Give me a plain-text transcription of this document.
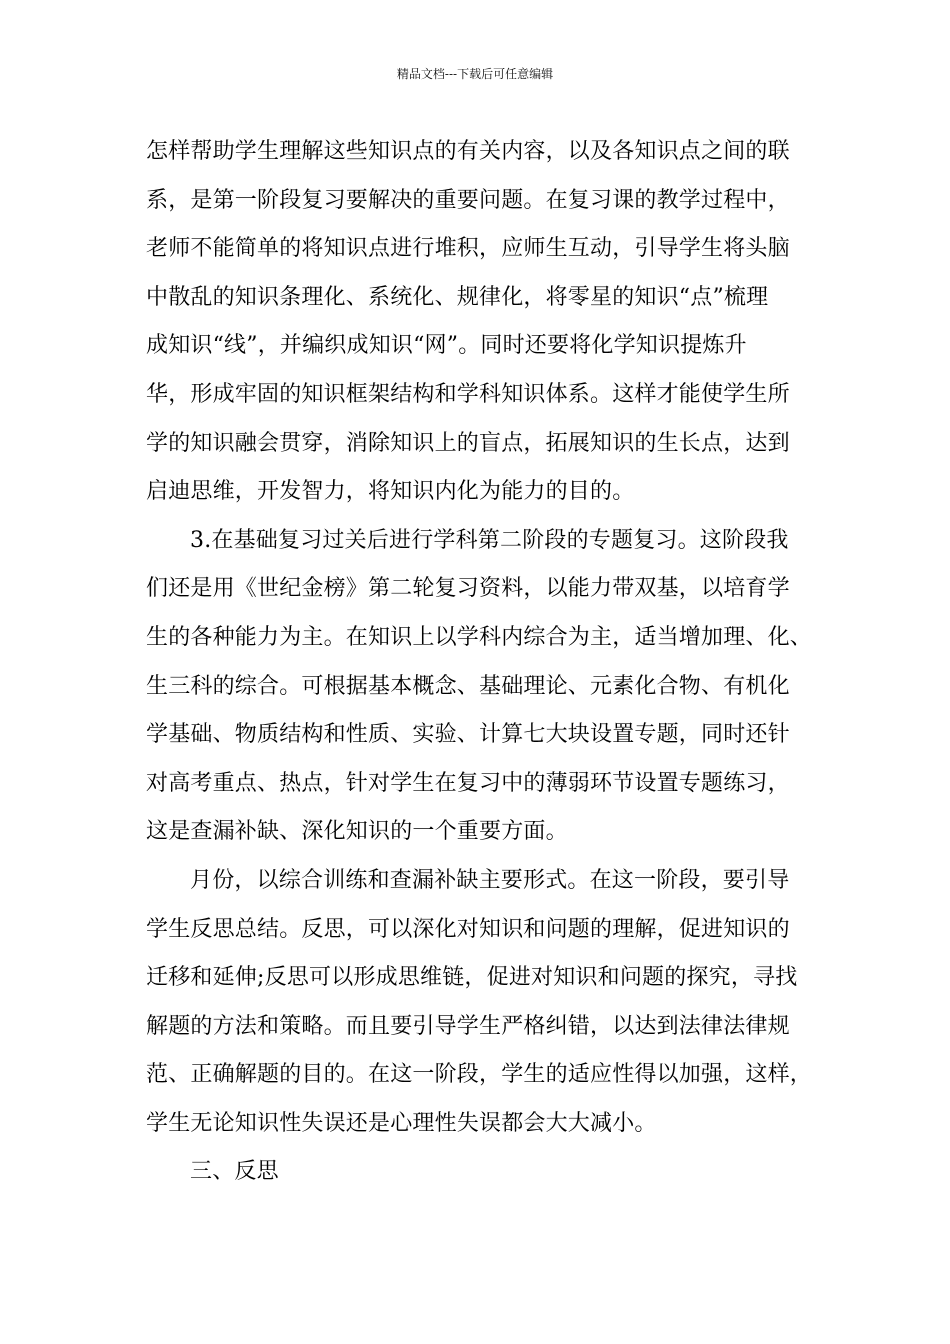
精品文档---下载后可任意编辑
怎样帮助学生理解这些知识点的有关内容，以及各知识点之间的联
系，是第一阶段复习要解决的重要问题。在复习课的教学过程中，
老师不能简单的将知识点进行堆积，应师生互动，引导学生将头脑
中散乱的知识条理化、系统化、规律化，将零星的知识“点”梳理
成知识“线”，并编织成知识“网”。同时还要将化学知识提炼升
华，形成牢固的知识框架结构和学科知识体系。这样才能使学生所
学的知识融会贯穿，消除知识上的盲点，拓展知识的生长点，达到
启迪思维，开发智力，将知识内化为能力的目的。
3.在基础复习过关后进行学科第二阶段的专题复习。这阶段我
们还是用《世纪金榜》第二轮复习资料，以能力带双基，以培育学
生的各种能力为主。在知识上以学科内综合为主，适当增加理、化、
生三科的综合。可根据基本概念、基础理论、元素化合物、有机化
学基础、物质结构和性质、实验、计算七大块设置专题，同时还针
对高考重点、热点，针对学生在复习中的薄弱环节设置专题练习，
这是查漏补缺、深化知识的一个重要方面。
月份，以综合训练和查漏补缺主要形式。在这一阶段，要引导
学生反思总结。反思，可以深化对知识和问题的理解，促进知识的
迁移和延伸;反思可以形成思维链，促进对知识和问题的探究，寻找
解题的方法和策略。而且要引导学生严格纠错，以达到法律法律规
范、正确解题的目的。在这一阶段，学生的适应性得以加强，这样，
学生无论知识性失误还是心理性失误都会大大减小。
三、反思
